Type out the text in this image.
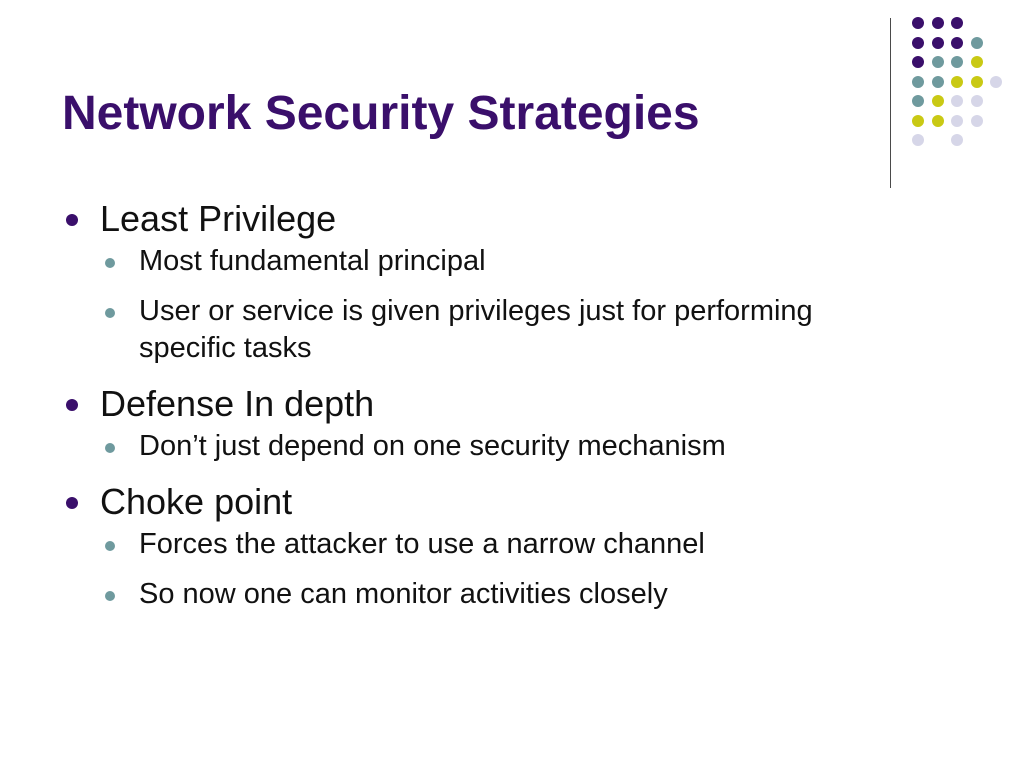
Network Security Strategies
Least Privilege
Most fundamental principal
User or service is given privileges just for performing specific tasks
Defense In depth
Don’t just depend on one security mechanism
Choke point
Forces the attacker to use a narrow channel
So now one can monitor activities closely
